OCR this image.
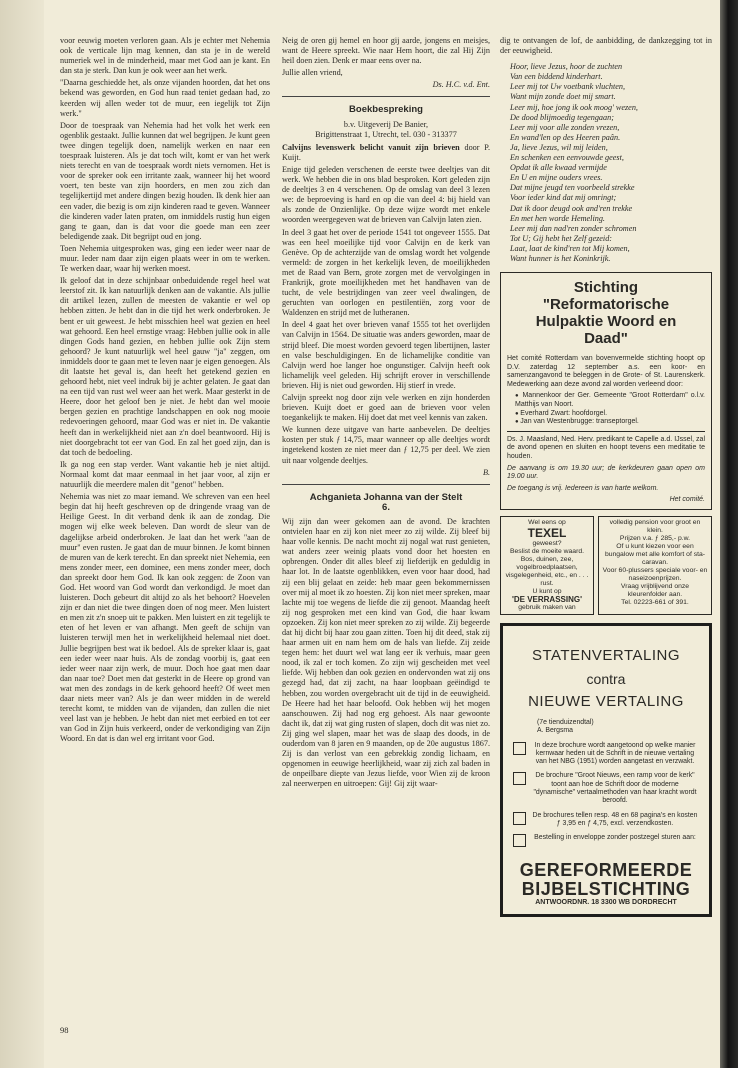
voor eeuwig moeten verloren gaan. Als je echter met Nehemia ook de verticale lijn mag kennen, dan sta je in de wereld numeriek wel in de minderheid, maar met God aan je kant. En dan sta je sterk. Dan kun je ook weer aan het werk.

"Daarna geschiedde het, als onze vijanden hoorden, dat het ons bekend was geworden, en God hun raad teniet gedaan had, zo keerden wij allen weder tot de muur, een iegelijk tot Zijn werk."

Door de toespraak van Nehemia had het volk het werk een ogenblik gestaakt. Jullie kunnen dat wel begrijpen. Je kunt geen twee dingen tegelijk doen, namelijk werken en naar een toespraak luisteren. Als je dat toch wilt, komt er van het werk niets terecht en van de toespraak wordt niets vernomen. Het is voor de spreker ook een irritante zaak, wanneer hij het woord voert, ten beste van zijn hoorders, en men zou zich dan tegelijkertijd met andere dingen bezig houden. Ik denk hier aan een vader, die bezig is om zijn kinderen raad te geven. Wanneer die kinderen vader laten praten, om inmiddels rustig hun eigen gang te gaan, dan is dat voor die goede man een zeer beledigende zaak. Dit begrijpt oud en jong.

Toen Nehemia uitgesproken was, ging een ieder weer naar de muur. Ieder nam daar zijn eigen plaats weer in om te werken. Te werken daar, waar hij werken moest.

Ik geloof dat in deze schijnbaar onbeduidende regel heel wat leerstof zit. Ik kan natuurlijk denken aan de vakantie. Als jullie dit artikel lezen, zullen de meesten de vakantie er wel op hebben zitten. Je hebt dan in die tijd het werk onderbroken. Je bent er uit geweest. Je hebt misschien heel wat gezien en heel wat gehoord. Een heel ernstige vraag: Hebben jullie ook in alle dingen Gods hand gezien, en hebben jullie ook Zijn stem gehoord? Je kunt natuurlijk wel heel gauw "ja" zeggen, om inmiddels door te gaan met te leven naar je eigen genoegen. Als dit laatste het geval is, dan heeft het getekend gezien en gehoord hebt, niet veel indruk bij je achter gelaten. Je gaat dan na een tijd van rust wel weer aan het werk. Maar gesterkt in de Heere, door het geloof ben je niet. Je hebt dan wel mooie bergen gezien en prachtige landschappen en ook nog mooie redevoeringen gehoord, maar God was er niet in. De vakantie heeft dan in werkelijkheid niet aan z'n doel beantwoord. Hij is niet doorgebracht tot eer van God. En zal het goed zijn, dan is dat toch de bedoeling.

Ik ga nog een stap verder. Want vakantie heb je niet altijd. Normaal komt dat maar eenmaal in het jaar voor, al zijn er natuurlijk die meerdere malen dit "genot" hebben.

Nehemia was niet zo maar iemand. We schreven van een heel begin dat hij heeft geschreven op de dringende vraag van de Heilige Geest. In dit verband denk ik aan de zondag. Die mogen wij elke week beleven. Dan wordt de sleur van de dagelijkse arbeid onderbroken. Je laat dan het werk "aan de muur" even rusten. Je gaat dan de muur binnen. Je komt binnen de muren van de kerk terecht. En dan spreekt niet Nehemia, een mens zonder meer, een dominee, een mens zonder meer, doch dan spreekt door hem God. Ik kan ook zeggen: de Zoon van God. Het woord van God wordt dan verkondigd. Je moet dan luisteren. Doch gebeurt dit altijd zo als het behoort? Hoevelen zijn er dan niet die twee dingen doen of nog meer. Men luistert en men zit z'n snoep uit te pakken. Men luistert en zit tegelijk te eten of het leven er van afhangt. Men geeft de schijn van luisteren terwijl men het in werkelijkheid helemaal niet doet. Jullie begrijpen best wat ik bedoel. Als de spreker klaar is, gaat een ieder weer naar huis. Als de zondag voorbij is, gaat een ieder weer naar zijn werk, de muur. Doch hoe gaat men daar dan naar toe? Doet men dat gesterkt in de Heere op grond van wat men des zondags in de kerk gehoord heeft? Of weet men daar niets meer van? Als je dan weer midden in de wereld terecht komt, te midden van de vijanden, dan zullen die niet veel last van je hebben. Je hebt dan niet met eerbied en tot eer van God in Zijn huis verkeerd, onder de verkondiging van Zijn Woord. En dat is dan wel erg irritant voor God.

98

Neig de oren gij hemel en hoor gij aarde, jongens en meisjes, want de Heere spreekt. Wie naar Hem hoort, die zal Hij Zijn heil doen zien. Denk er maar eens over na.

Jullie allen vriend,

Ds. H.C. v.d. Ent.
Boekbespreking
b.v. Uitgeverij De Banier,
Brigittenstraat 1, Utrecht, tel. 030 - 313377

Calvijns levenswerk belicht vanuit zijn brieven door P. Kuijt.

Enige tijd geleden verschenen de eerste twee deeltjes van dit werk. We hebben die in ons blad besproken. Kort geleden zijn de deeltjes 3 en 4 verschenen. Op de omslag van deel 3 lezen we: de beproeving is hard en op die van deel 4: bij hield van als zonde de Onzienlijke. Op deze wijze wordt met enkele woorden weergegeven wat de brieven van Calvijn laten zien.

In deel 3 gaat het over de periode 1541 tot ongeveer 1555. Dat was een heel moeilijke tijd voor Calvijn en de kerk van Genève. Op de achterzijde van de omslag wordt het volgende vermeld: de zorgen in het kerkelijk leven, de moeilijkheden met de Raad van Bern, grote zorgen met de vervolgingen in Frankrijk, grote moeilijkheden met het handhaven van de tucht, de vele bestrijdingen van zeer veel dwalingen, de geruchten van oorlogen en pestilentiën, zorg voor de Waldenzen en strijd met de lutheranen.

In deel 4 gaat het over brieven vanaf 1555 tot het overlijden van Calvijn in 1564. De situatie was anders geworden, maar de strijd bleef. Die moest worden gevoerd tegen libertijnen, laster en valse beschuldigingen. En de lichamelijke conditie van Calvijn werd hoe langer hoe ongunstiger. Calvijn heeft ook lichamelijk veel geleden. Hij schrijft erover in verschillende brieven. Hij is niet oud geworden. Hij stierf in vrede.

Calvijn spreekt nog door zijn vele werken en zijn honderden brieven. Kuijt doet er goed aan de brieven voor velen toegankelijk te maken. Hij doet dat met veel kennis van zaken.

We kunnen deze uitgave van harte aanbevelen. De deeltjes kosten per stuk ƒ 14,75, maar wanneer op alle deeltjes wordt ingetekend kosten ze niet meer dan ƒ 12,75 per deel. We zien uit naar volgende deeltjes.

B.
Achganieta Johanna van der Stelt
6.

Wij zijn dan weer gekomen aan de avond. De krachten ontvielen haar en zij kon niet meer zo zij wilde. Zij bleef bij haar volle kennis. De nacht mocht zij nogal wat rust genieten, wat anders zeer weinig plaats vond door het hoesten en opbrengen. Onder dit alles bleef zij liefderijk en geduldig in haar lot. In de laatste ogenblikken, even voor haar dood, had zij een blij gelaat en zeide: heb maar geen bekommernissen over mij al moet ik zo hoesten. Zij kon niet meer spreken, maar lachte mij toe wegens de liefde die zij genoot. Maandag heeft zij nog gesproken met een kind van God, die haar kwam opzoeken. Zij kon niet meer spreken zo zij wilde. Zij begeerde dat hij dicht bij haar zou gaan zitten. Toen hij dit deed, stak zij haar armen uit en nam hem om de hals van liefde. Zij zeide tegen hem: het duurt wel wat lang eer ik verhuis, maar geen nood, ik zal er toch komen. Zo zijn wij gescheiden met veel liefde. Wij hebben dan ook gezien en ondervonden wat zij ons gezegd had, dat zij zacht, na haar loopbaan geëindigd te hebben, zou worden overgebracht uit de tijd in de eeuwigheid. De Heere had het haar beloofd. Ook hebben wij het mogen aanschouwen. Zij had nog erg gehoest. Als naar gewoonte dacht ik, dat zij wat ging rusten of slapen, doch dit was niet zo. Zij ging wel slapen, maar het was de slaap des doods, in de ouderdom van 8 jaren en 9 maanden, op de 20e augustus 1867. Zij is dan verlost van een gebrekkig zondig lichaam, en opgenomen in eeuwige heerlijkheid, waar zij zich zal baden in de onpeilbare diepte van Jezus liefde, voor Wien zij de kroon zal neerwerpen en uitroepen: Gij! Gij zijt waar-

dig te ontvangen de lof, de aanbidding, de dankzegging tot in der eeuwigheid.

Hoor, lieve Jezus, hoor de zuchten
Van een biddend kinderhart.
Leer mij tot Uw voetbank vluchten,
Want mijn zonde doet mij smart.
Leer mij, hoe jong ik ook moog' wezen,
De dood blijmoedig tegengaan;
Leer mij voor alle zonden vrezen,
En wand'len op des Heeren paân.
Ja, lieve Jezus, wil mij leiden,
En schenken een eenvouwde geest,
Opdat ik alle kwaad vermijde
En U en mijne ouders vrees.
Dat mijne jeugd ten voorbeeld strekke
Voor ieder kind dat mij omringt;
Dat ik door deugd ook and'ren trekke
En met hen worde Hemeling.
Leer mij dan nad'ren zonder schromen
Tot U; Gij hebt het Zelf gezeid:
Laat, laat de kind'ren tot Mij komen,
Want hunner is het Koninkrijk.
Stichting
"Reformatorische
Hulpaktie Woord en
Daad"
Het comité Rotterdam van bovenvermelde stichting hoopt op D.V. zaterdag 12 september a.s. een koor- en samenzangavond te beleggen in de Grote- of St. Laurenskerk. Medewerking aan deze avond zal worden verleend door:
● Mannenkoor der Ger. Gemeente "Groot Rotterdam" o.l.v. Matthijs van Noort.
● Everhard Zwart: hoofdorgel.
● Jan van Westenbrugge: transeptorgel.
Ds. J. Maasland, Ned. Herv. predikant te Capelle a.d. IJssel, zal de avond openen en sluiten en hoopt tevens een meditatie te houden.
De aanvang is om 19.30 uur; de kerkdeuren gaan open om 19.00 uur.
De toegang is vrij. Iedereen is van harte welkom.
Het comité.
Wel eens op
TEXEL
geweest?
Beslist de moeite waard. Bos, duinen, zee, vogelbroedplaatsen, visgelegenheid, etc., en . . . rust.
U kunt op
'DE VERRASSING'
gebruik maken van
volledig pension voor groot en klein.
Prijzen v.a. ƒ 285,- p.w.
Of u kunt kiezen voor een bungalow met alle komfort of sta-caravan.
Voor 60-plussers speciale voor- en naseizoenprijzen.
Vraag vrijblijvend onze kleurenfolder aan.
Tel. 02223-661 of 391.
STATENVERTALING
contra
NIEUWE VERTALING
(7e tienduizendtal)
A. Bergsma
In deze brochure wordt aangetoond op welke manier kernwaar heden uit de Schrift in de nieuwe vertaling van het NBG (1951) worden aangetast en verzwakt.
De brochure "Groot Nieuws, een ramp voor de kerk" toont aan hoe de Schrift door de moderne "dynamische" vertaalmethoden van haar kracht wordt beroofd.
De brochures tellen resp. 48 en 68 pagina's en kosten ƒ 3,95 en ƒ 4,75, excl. verzendkosten.
Bestelling in enveloppe zonder postzegel sturen aan:
GEREFORMEERDE
BIJBELSTICHTING
ANTWOORDNR. 18 3300 WB DORDRECHT
